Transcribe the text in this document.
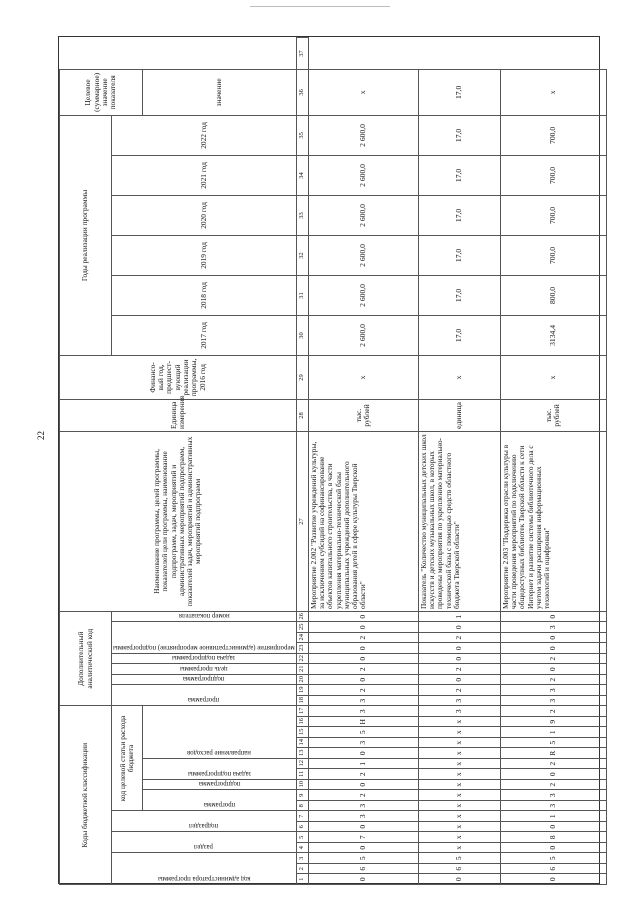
22
Коды бюджетной классификации																	Дополнительный аналитический код									Наименование программы, целей программы, показателей цели программы, наименование подпрограмм, задач, мероприятий и административных мероприятий подпрограмм, показателей задач, мероприятий и административных мероприятий подпрограмм	Единица измерения	Финансо-вый год, предшест-вующий реализации программы, 2016 год	Годы реализации программы						Целевое (суммарное) значение показателя	

код администратора программы			раздел		подраздел		код целевой статьи расхода бюджета										программа		подпрограмма	цель программы	задача подпрограммы	мероприятие (административное мероприятие) подпрограммы			номер показателя				2017 год	2018 год	2019 год	2020 год	2021 год	2022 год		

							программа		подпрограмма	задача подпрограммы		направление расходов																							значение	
1	2	3	4	5	6	7	8	9	10	11	12	13	14	15	16	17	18	19	20	21	22	23	24	25	26	27	28	29	30	31	32	33	34	35	36	37
0	6	5	0	7	0	3	3	2	0	2	1	0	3	5	Н	3	3	2	0	2	0	0	2	0	0	Мероприятие 2.002 "Развитие учреждений культуры, за исключением субсидий на софинансирование объектов капитального строительства, в части укрепления материально-технической базы муниципальных учреждений дополнительного образования детей в сфере культуры Тверской области"	тыс. рублей	х	2 600,0	2 600,0	2 600,0	2 600,0	2 600,0	2 600,0	х	
0	6	5	х	х	х	х	х	х	х	х	х	х	х	х	х	3	3	2	0	2	0	0	2	0	1	Показатель "Количество муниципальных детских школ искусств и детских музыкальных школ, в которых проведены мероприятия по укреплению материально-технической базы с помощью средств областного бюджета Тверской области"	единица	х	17,0	17,0	17,0	17,0	17,0	17,0	17,0	
0	6	5	0	8	0	1	3	3	2	0	2	R	5	1	9	2	3	3	2	0	2	0	0	3	0	Мероприятие 2.003 "Поддержка отрасли культуры в части проведения мероприятий по подключению общедоступных библиотек Тверской области к сети Интернет и развитие системы библиотечного дела с учетом задачи расширения информационных технологий и оцифровки"	тыс. рублей	х	3134,4	800,0	700,0	700,0	700,0	700,0	х	
